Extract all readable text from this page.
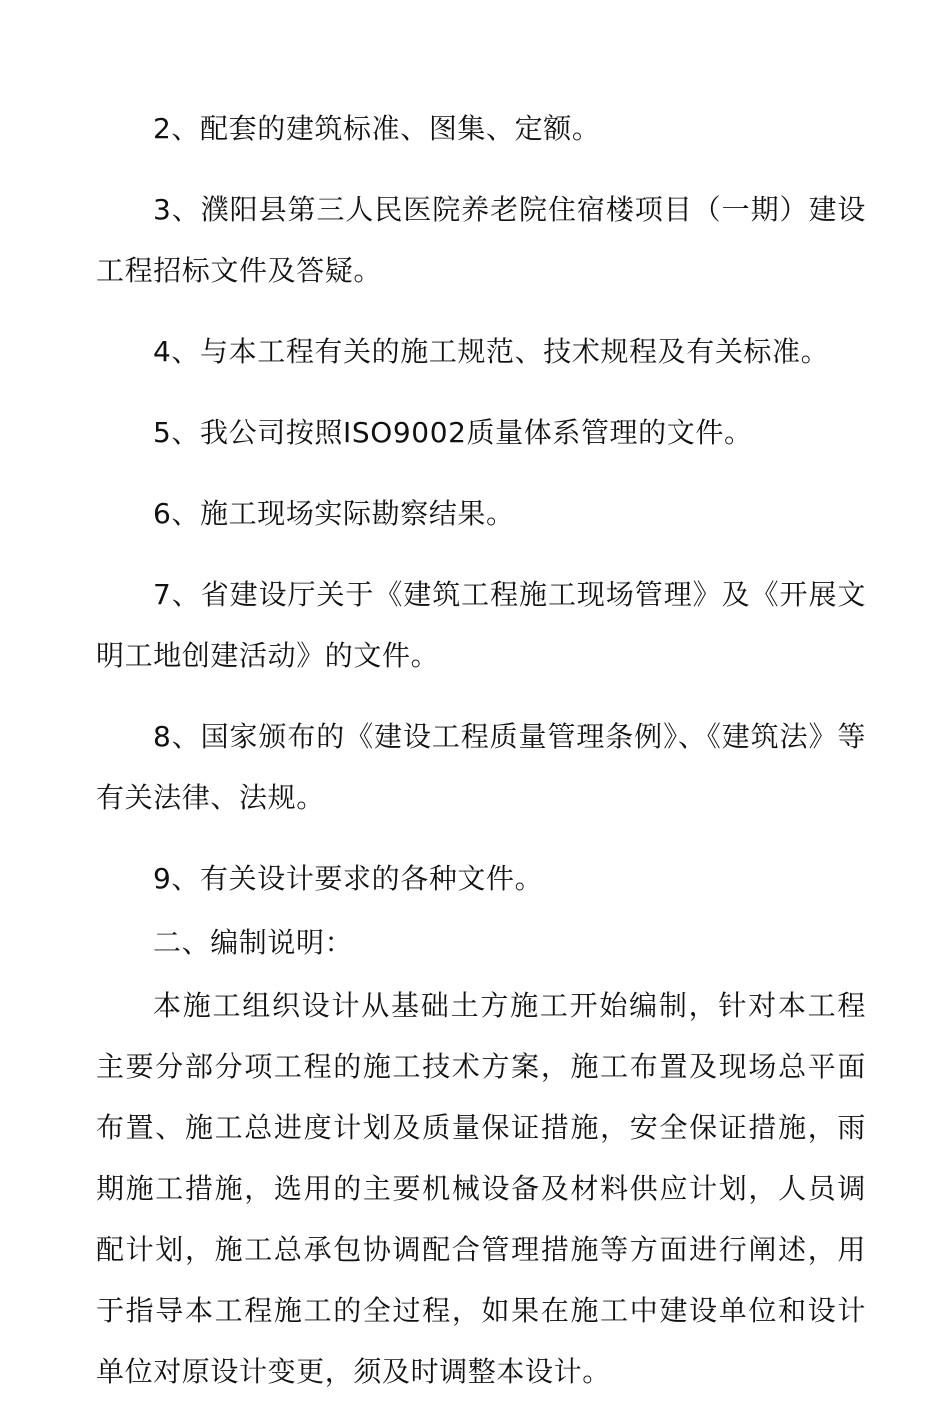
2、配套的建筑标准、图集、定额。

3、濮阳县第三人民医院养老院住宿楼项目（一期）建设工程招标文件及答疑。

4、与本工程有关的施工规范、技术规程及有关标准。

5、我公司按照ISO9002质量体系管理的文件。

6、施工现场实际勘察结果。

7、省建设厅关于《建筑工程施工现场管理》及《开展文明工地创建活动》的文件。

8、国家颁布的《建设工程质量管理条例》、《建筑法》等有关法律、法规。

9、有关设计要求的各种文件。

二、编制说明：

本施工组织设计从基础土方施工开始编制，针对本工程主要分部分项工程的施工技术方案，施工布置及现场总平面布置、施工总进度计划及质量保证措施，安全保证措施，雨期施工措施，选用的主要机械设备及材料供应计划，人员调配计划，施工总承包协调配合管理措施等方面进行阐述，用于指导本工程施工的全过程，如果在施工中建设单位和设计单位对原设计变更，须及时调整本设计。
